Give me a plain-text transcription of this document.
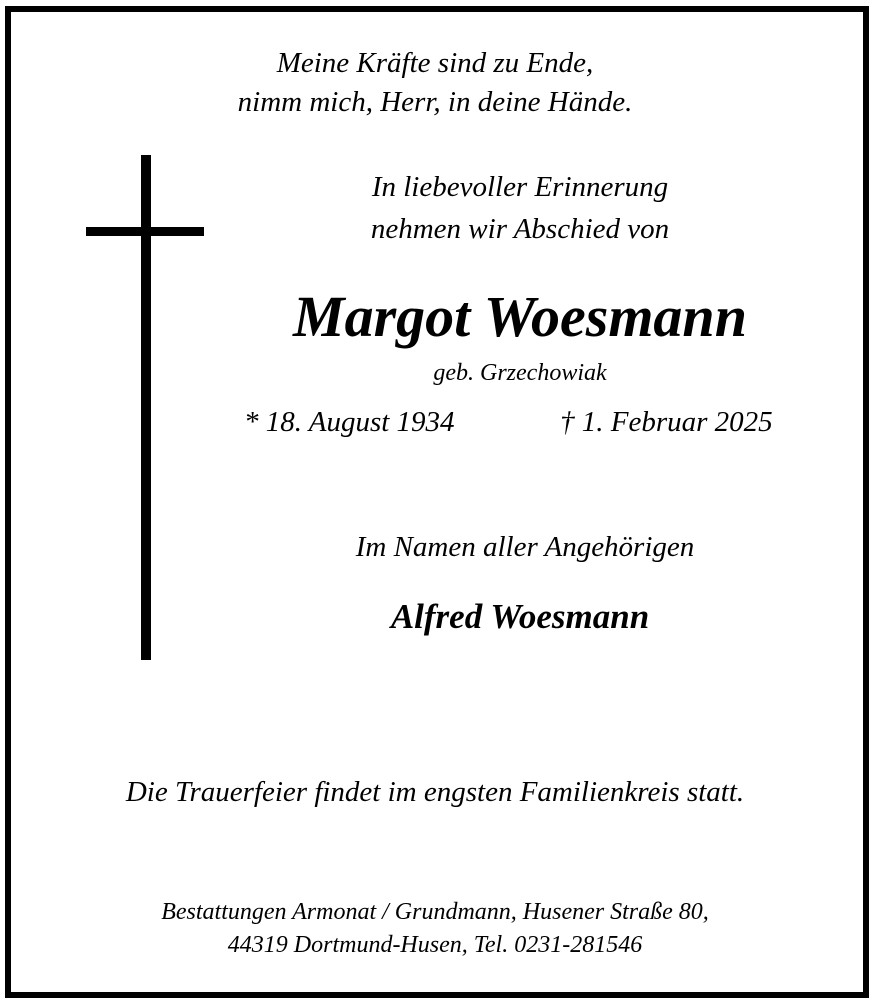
Meine Kräfte sind zu Ende,
nimm mich, Herr, in deine Hände.
In liebevoller Erinnerung
nehmen wir Abschied von
Margot Woesmann
geb. Grzechowiak
* 18. August 1934	† 1. Februar 2025
Im Namen aller Angehörigen
Alfred Woesmann
Die Trauerfeier findet im engsten Familienkreis statt.
Bestattungen Armonat / Grundmann, Husener Straße 80,
44319 Dortmund-Husen, Tel. 0231-281546
